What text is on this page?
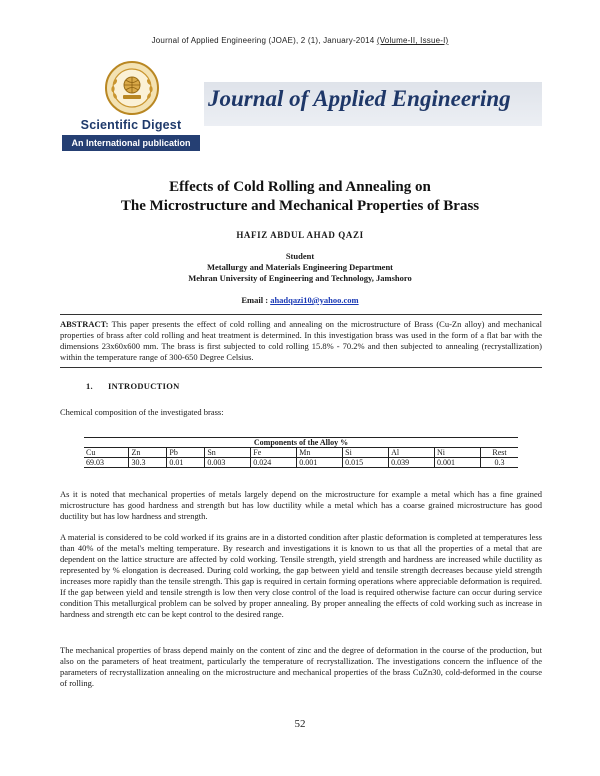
Journal of Applied Engineering (JOAE), 2 (1), January-2014 (Volume-II, Issue-I)
Scientific Digest
An International publication
Journal of Applied Engineering
Effects of Cold Rolling and Annealing on
The Microstructure and Mechanical Properties of Brass
HAFIZ ABDUL AHAD QAZI
Student
Metallurgy and Materials Engineering Department
Mehran University of Engineering and Technology, Jamshoro
Email : ahadqazi10@yahoo.com
ABSTRACT: This paper presents the effect of cold rolling and annealing on the microstructure of Brass (Cu-Zn alloy) and mechanical properties of brass after cold rolling and heat treatment is determined. In this investigation brass was used in the form of a flat bar with the dimensions 23x60x600 mm. The brass is first subjected to cold rolling 15.8% - 70.2% and then subjected to annealing (recrystallization) within the temperature range of 300-650 Degree Celsius.
1. INTRODUCTION
Chemical composition of the investigated brass:
Components of the Alloy %									
Cu	Zn	Pb	Sn	Fe	Mn	Si	Al	Ni	Rest
69.03	30.3	0.01	0.003	0.024	0.001	0.015	0.039	0.001	0.3
As it is noted that mechanical properties of metals largely depend on the microstructure for example a metal which has a fine grained microstructure has good hardness and strength but has low ductility while a metal which has a coarse grained microstructure has good ductility but has low hardness and strength.
A material is considered to be cold worked if its grains are in a distorted condition after plastic deformation is completed at temperatures less than 40% of the metal's melting temperature. By research and investigations it is known to us that all the properties of a metal that are dependent on the lattice structure are affected by cold working. Tensile strength, yield strength and hardness are increased while ductility as represented by % elongation is decreased. During cold working, the gap between yield and tensile strength decreases because yield strength increases more rapidly than the tensile strength. This gap is required in certain forming operations where appreciable deformation is required. If the gap between yield and tensile strength is low then very close control of the load is required otherwise facture can occur during service condition This metallurgical problem can be solved by proper annealing. By proper annealing the effects of cold working such as increase in hardness and strength etc can be kept control to the desired range.
The mechanical properties of brass depend mainly on the content of zinc and the degree of deformation in the course of the production, but also on the parameters of heat treatment, particularly the temperature of recrystallization. The investigations concern the influence of the parameters of recrystallization annealing on the microstructure and mechanical properties of the brass CuZn30, cold-deformed in the course of rolling.
52
